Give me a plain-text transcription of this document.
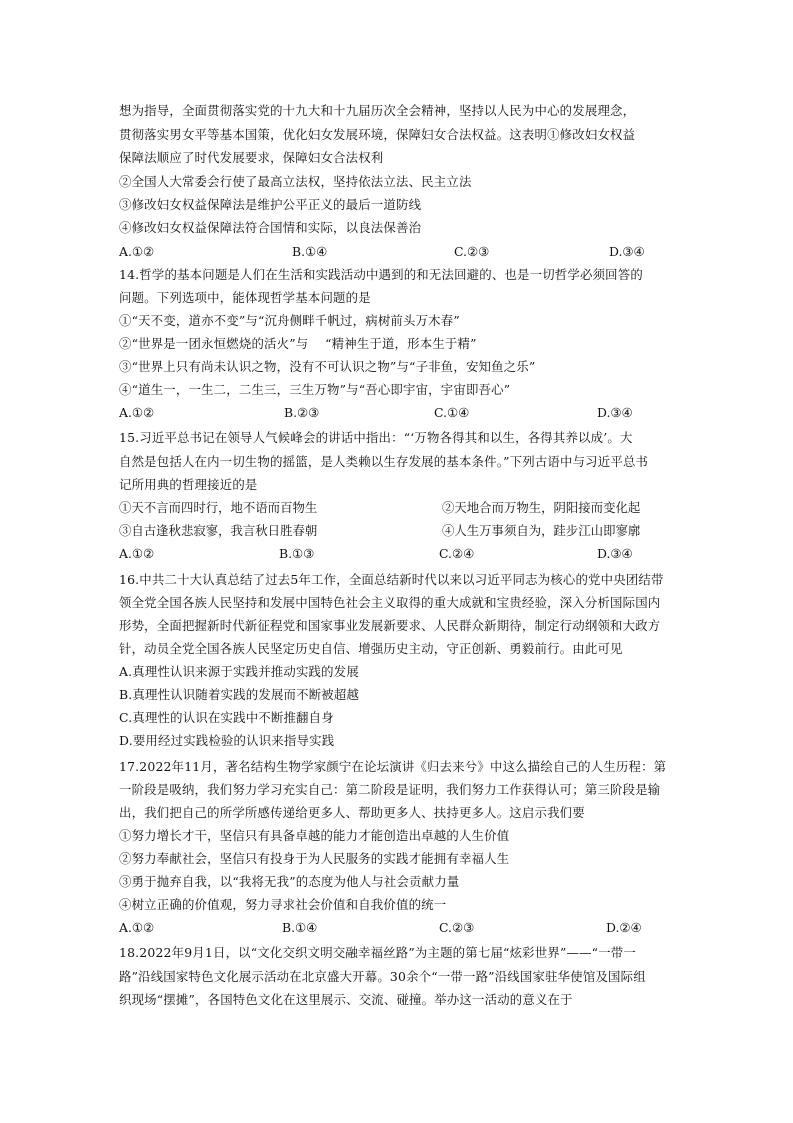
想为指导，全面贯彻落实党的十九大和十九届历次全会精神，坚持以人民为中心的发展理念，
贯彻落实男女平等基本国策，优化妇女发展环境，保障妇女合法权益。这表明①修改妇女权益
保障法顺应了时代发展要求，保障妇女合法权利
②全国人大常委会行使了最高立法权，坚持依法立法、民主立法
③修改妇女权益保障法是维护公平正义的最后一道防线
④修改妇女权益保障法符合国情和实际，以良法保善治
A.①②	B.①④	C.②③	D.③④
14.哲学的基本问题是人们在生活和实践活动中遇到的和无法回避的、也是一切哲学必须回答的
问题。下列选项中，能体现哲学基本问题的是
①“天不变，道亦不变”与“沉舟侧畔千帆过，病树前头万木春”
②“世界是一团永恒燃烧的活火”与　 “精神生于道，形本生于精”
③“世界上只有尚未认识之物，没有不可认识之物”与“子非鱼，安知鱼之乐”
④“道生一，一生二，二生三，三生万物”与“吾心即宇宙，宇宙即吾心”
A.①②	B.②③	C.①④	D.③④
15.习近平总书记在领导人气候峰会的讲话中指出：“‘万物各得其和以生，各得其养以成’。大
自然是包括人在内一切生物的摇篮，是人类赖以生存发展的基本条件。”下列古语中与习近平总书
记所用典的哲理接近的是
①天不言而四时行，地不语而百物生	②天地合而万物生，阴阳接而变化起
③自古逢秋悲寂寥，我言秋日胜春朝	④人生万事须自为，跬步江山即寥廓
A.①②	B.①③	C.②④	D.③④
16.中共二十大认真总结了过去5年工作，全面总结新时代以来以习近平同志为核心的党中央团结带
领全党全国各族人民坚持和发展中国特色社会主义取得的重大成就和宝贵经验，深入分析国际国内
形势，全面把握新时代新征程党和国家事业发展新要求、人民群众新期待，制定行动纲领和大政方
针，动员全党全国各族人民坚定历史自信、增强历史主动，守正创新、勇毅前行。由此可见
A.真理性认识来源于实践并推动实践的发展
B.真理性认识随着实践的发展而不断被超越
C.真理性的认识在实践中不断推翻自身
D.要用经过实践检验的认识来指导实践
17.2022年11月，著名结构生物学家颜宁在论坛演讲《归去来兮》中这么描绘自己的人生历程：第
一阶段是吸纳，我们努力学习充实自己：第二阶段是证明，我们努力工作获得认可；第三阶段是输
出，我们把自己的所学所感传递给更多人、帮助更多人、扶持更多人。这启示我们要
①努力增长才干，坚信只有具备卓越的能力才能创造出卓越的人生价值
②努力奉献社会，坚信只有投身于为人民服务的实践才能拥有幸福人生
③勇于抛弃自我，以“我将无我”的态度为他人与社会贡献力量
④树立正确的价值观，努力寻求社会价值和自我价值的统一
A.①②	B.①④	C.②③	D.②④
18.2022年9月1日，以“文化交织文明交融幸福丝路”为主题的第七届“炫彩世界”——“一带一
路”沿线国家特色文化展示活动在北京盛大开幕。30余个“一带一路”沿线国家驻华使馆及国际组
织现场“摆摊”，各国特色文化在这里展示、交流、碰撞。举办这一活动的意义在于
